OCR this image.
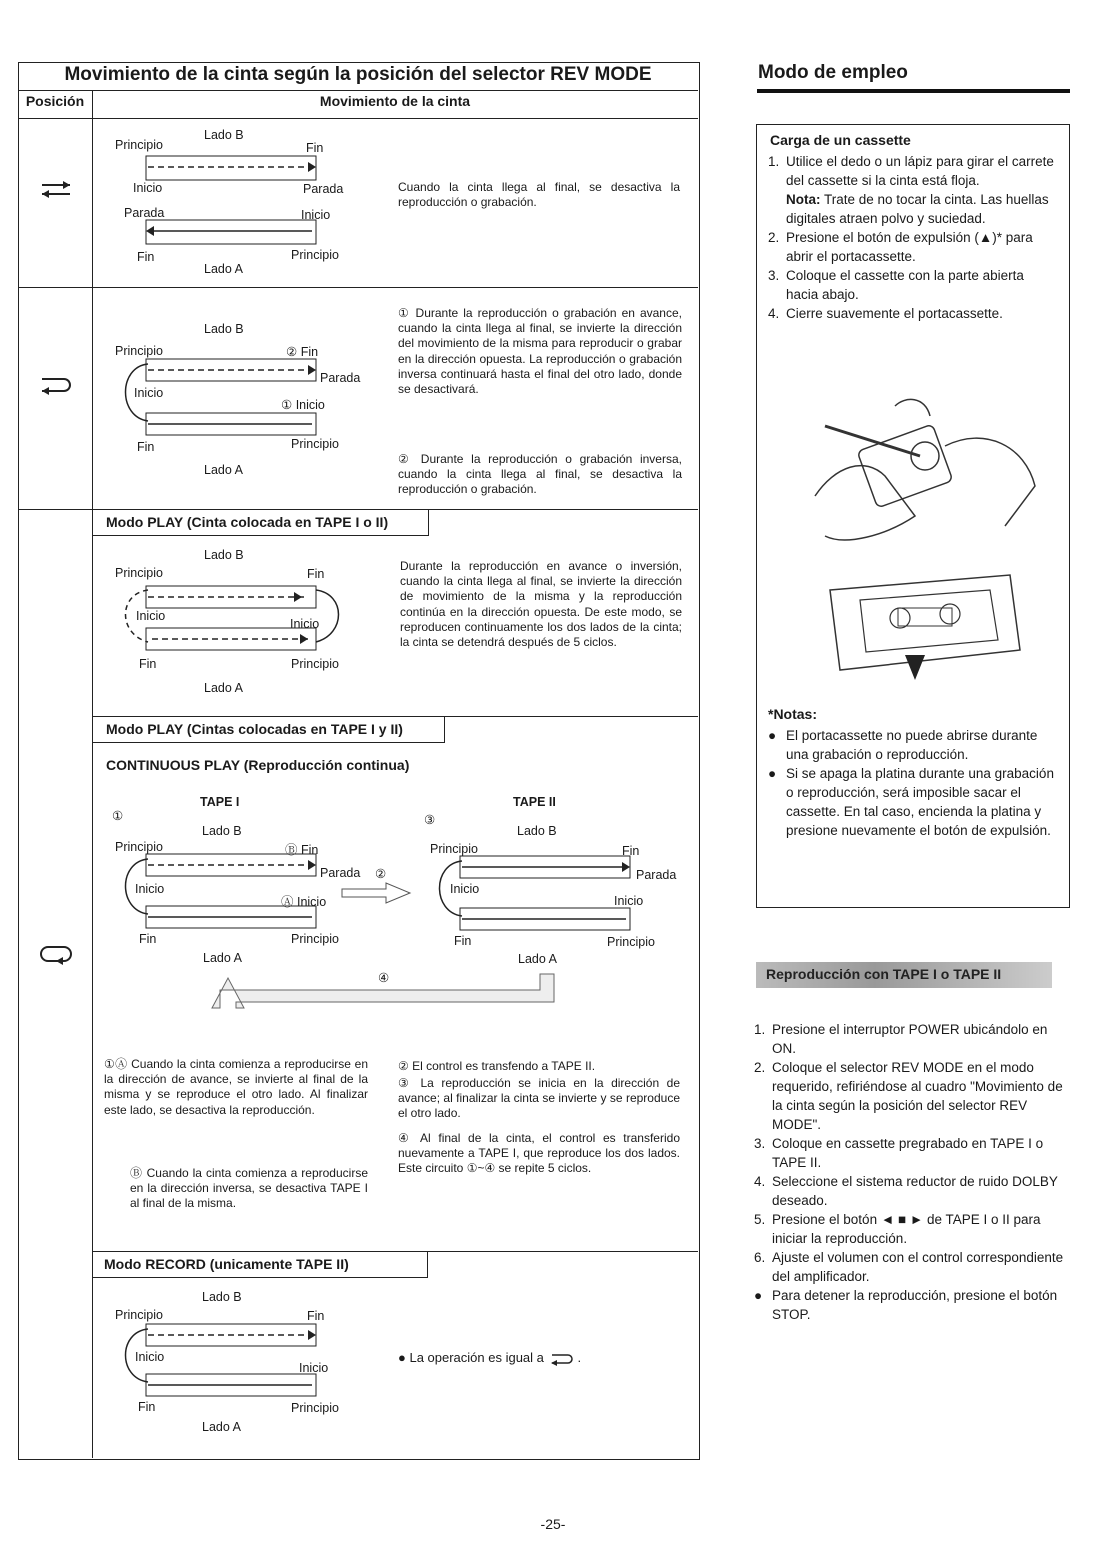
Movimiento de la cinta según la posición del selector REV MODE
Posición	Movimiento de la cinta
Lado B
Principio	Fin
Inicio	Parada
Parada	Inicio
Fin	Principio
Lado A
Cuando la cinta llega al final, se desactiva la reproducción o grabación.
Lado B
Principio	② Fin
Parada
Inicio
① Inicio
Fin	Principio
Lado A
① Durante la reproducción o grabación en avance, cuando la cinta llega al final, se invierte la dirección del movimiento de la misma para reproducir o grabar en la dirección opuesta. La reproducción o grabación inversa continuará hasta el final del otro lado, donde se desactivará.
② Durante la reproducción o grabación inversa, cuando la cinta llega al final, se desactiva la reproducción o grabación.
Modo PLAY (Cinta colocada en TAPE I o II)
Lado B
Principio	Fin
Inicio
Inicio
Fin	Principio
Lado A
Durante la reproducción en avance o inversión, cuando la cinta llega al final, se invierte la dirección de movimiento de la misma y la reproducción continúa en la dirección opuesta. De este modo, se reproducen continuamente los dos lados de la cinta; la cinta se detendrá después de 5 ciclos.
Modo PLAY (Cintas colocadas en TAPE I y II)
CONTINUOUS PLAY (Reproducción continua)
TAPE I	TAPE II
①	③
Lado B	Lado B
Principio	Ⓑ Fin	Principio	Fin
Parada ②	Parada
Inicio	Inicio
Ⓐ Inicio	Inicio
Fin	Principio	Fin	Principio
Lado A	Lado A
④
①Ⓐ Cuando la cinta comienza a reproducirse en la dirección de avance, se invierte al final de la misma y se reproduce el otro lado. Al finalizar este lado, se desactiva la reproducción.
Ⓑ Cuando la cinta comienza a reproducirse en la dirección inversa, se desactiva TAPE I al final de la misma.
② El control es transfendo a TAPE II.
③ La reproducción se inicia en la dirección de avance; al finalizar la cinta se invierte y se reproduce el otro lado.
④ Al final de la cinta, el control es transferido nuevamente a TAPE I, que reproduce los dos lados. Este circuito ①~④ se repite 5 ciclos.
Modo RECORD (unicamente TAPE II)
Lado B
Principio	Fin
Inicio
Inicio
Fin	Principio
Lado A
● La operación es igual a	.
Modo de empleo
Carga de un cassette
1. Utilice el dedo o un lápiz para girar el carrete del cassette si la cinta está floja.
Nota: Trate de no tocar la cinta. Las huellas digitales atraen polvo y suciedad.
2. Presione el botón de expulsión (▲)* para abrir el portacassette.
3. Coloque el cassette con la parte abierta hacia abajo.
4. Cierre suavemente el portacassette.
*Notas:
● El portacassette no puede abrirse durante una grabación o reproducción.
● Si se apaga la platina durante una grabación o reproducción, será imposible sacar el cassette. En tal caso, encienda la platina y presione nuevamente el botón de expulsión.
Reproducción con TAPE I o TAPE II
1. Presione el interruptor POWER ubicándolo en ON.
2. Coloque el selector REV MODE en el modo requerido, refiriéndose al cuadro "Movimiento de la cinta según la posición del selector REV MODE".
3. Coloque en cassette pregrabado en TAPE I o TAPE II.
4. Seleccione el sistema reductor de ruido DOLBY deseado.
5. Presione el botón ◄ ■ ► de TAPE I o II para iniciar la reproducción.
6. Ajuste el volumen con el control correspondiente del amplificador.
● Para detener la reproducción, presione el botón STOP.
-25-
